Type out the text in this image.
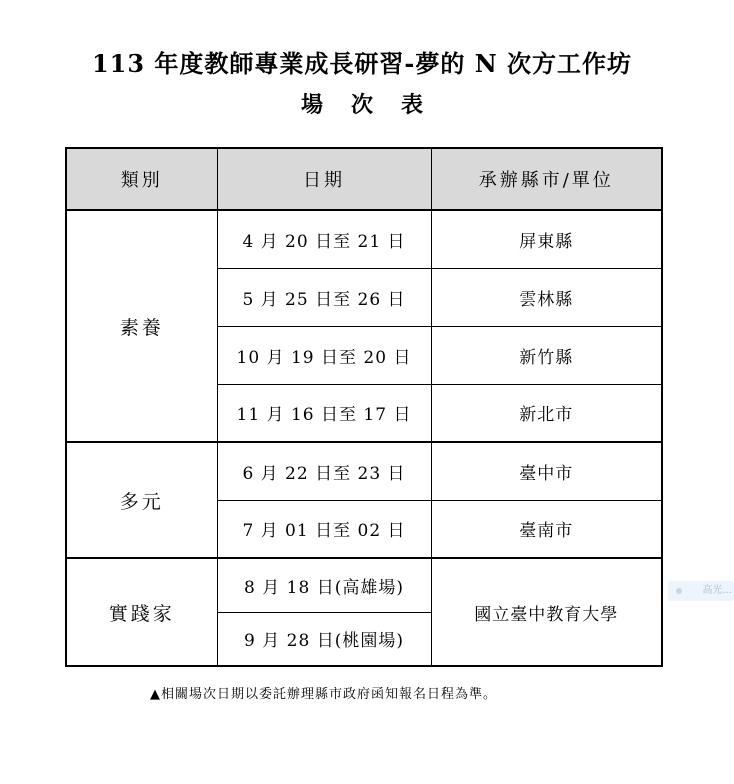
113 年度教師專業成長研習-夢的 N 次方工作坊
場次表
類別	日期	承辦縣市/單位
素養	4 月 20 日至 21 日	屏東縣
	5 月 25 日至 26 日	雲林縣
	10 月 19 日至 20 日	新竹縣
	11 月 16 日至 17 日	新北市
多元	6 月 22 日至 23 日	臺中市
	7 月 01 日至 02 日	臺南市
實踐家	8 月 18 日(高雄場)	國立臺中教育大學
	9 月 28 日(桃園場)	
▲相關場次日期以委託辦理縣市政府函知報名日程為準。
高光...
